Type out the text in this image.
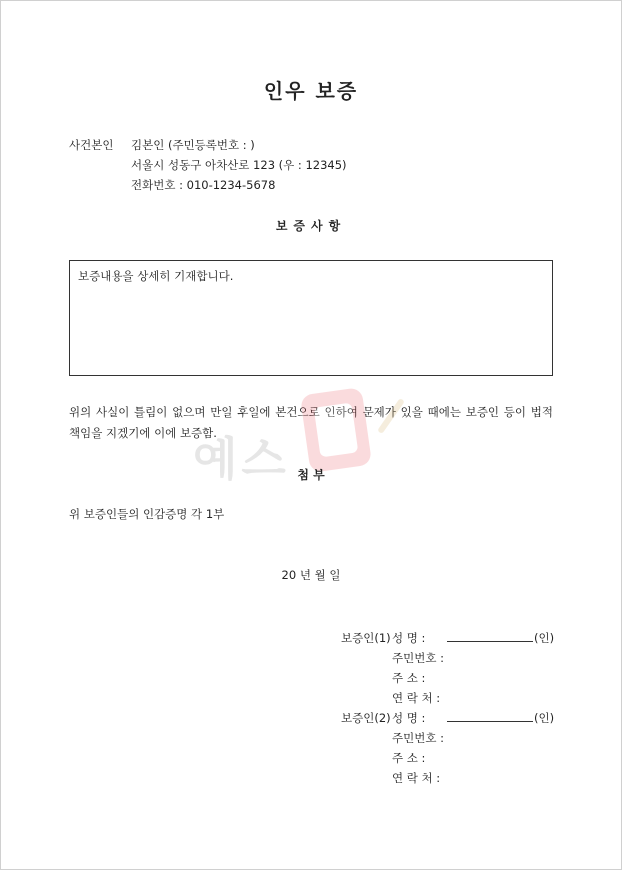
인우 보증
사건본인 김본인 (주민등록번호 : )
서울시 성동구 아차산로 123 (우 : 12345)
전화번호 : 010-1234-5678
보증사항
보증내용을 상세히 기재합니다.
위의 사실이 틀림이 없으며 만일 후일에 본건으로 인하여 문제가 있을 때에는 보증인 등이 법적 책임을 지겠기에 이에 보증함.
예스 첨 부
위 보증인들의 인감증명 각 1부
20 년 월 일
보증인(1) 성 명 :	(인)
주민번호 :
주 소 :
연 락 처 :
보증인(2) 성 명 :	(인)
주민번호 :
주 소 :
연 락 처 :
